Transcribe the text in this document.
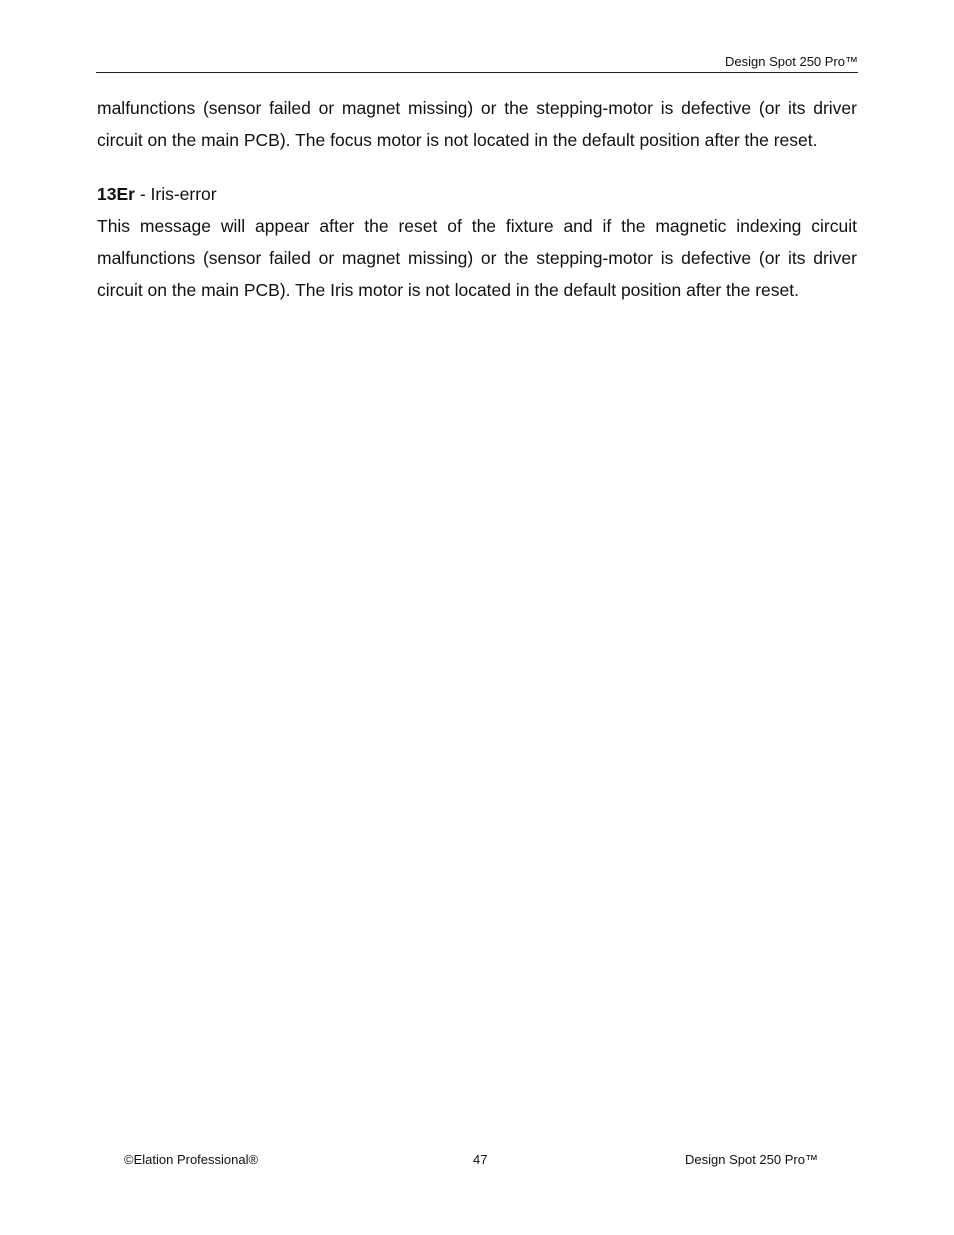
Design Spot 250 Pro™

malfunctions (sensor failed or magnet missing) or the stepping-motor is defective (or its driver circuit on the main PCB). The focus motor is not located in the default position after the reset.

13Er - Iris-error

This message will appear after the reset of the fixture and if the magnetic indexing circuit malfunctions (sensor failed or magnet missing) or the stepping-motor is defective (or its driver circuit on the main PCB). The Iris motor is not located in the default position after the reset.

©Elation Professional®	47	Design Spot 250 Pro™
